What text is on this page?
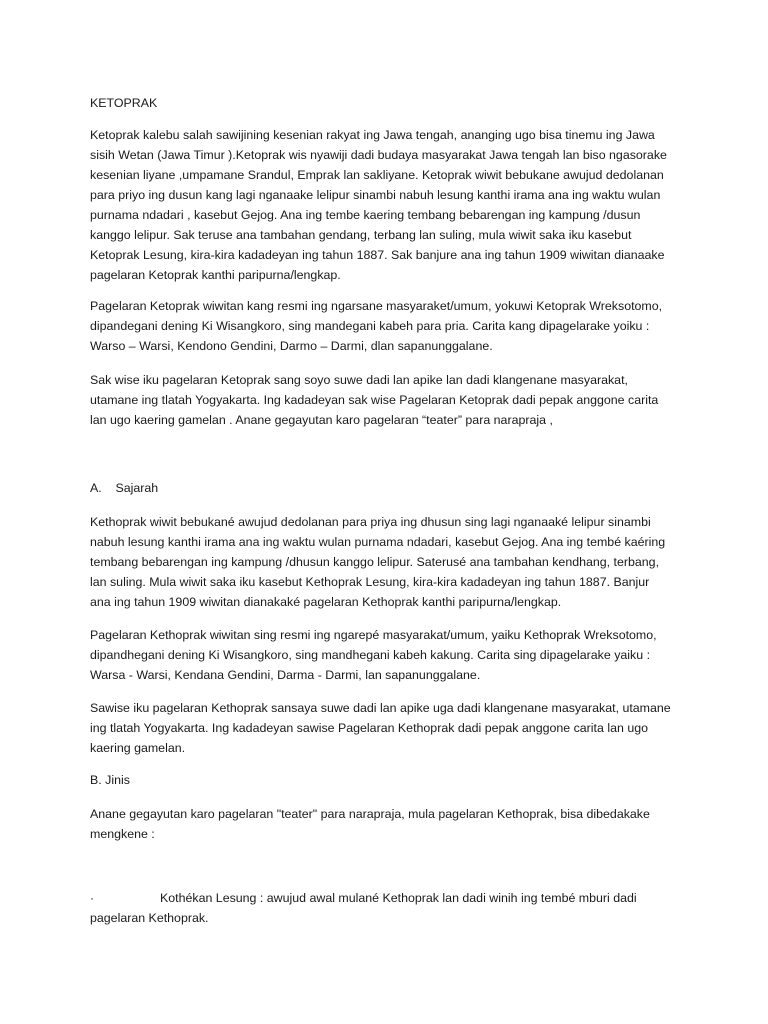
KETOPRAK
Ketoprak kalebu salah sawijining kesenian rakyat ing Jawa tengah, ananging ugo bisa tinemu ing Jawa
sisih Wetan (Jawa Timur ).Ketoprak wis nyawiji dadi budaya masyarakat Jawa tengah lan biso ngasorake
kesenian liyane ,umpamane Srandul, Emprak lan sakliyane. Ketoprak wiwit bebukane awujud dedolanan
para priyo ing dusun kang lagi nganaake lelipur sinambi nabuh lesung kanthi irama ana ing waktu wulan
purnama ndadari , kasebut Gejog. Ana ing tembe kaering tembang bebarengan ing kampung /dusun
kanggo lelipur. Sak teruse ana tambahan gendang, terbang lan suling, mula wiwit saka iku kasebut
Ketoprak Lesung, kira-kira kadadeyan ing tahun 1887. Sak banjure ana ing tahun 1909 wiwitan dianaake
pagelaran Ketoprak kanthi paripurna/lengkap.
Pagelaran Ketoprak wiwitan kang resmi ing ngarsane masyaraket/umum, yokuwi Ketoprak Wreksotomo,
dipandegani dening Ki Wisangkoro, sing mandegani kabeh para pria. Carita kang dipagelarake yoiku :
Warso – Warsi, Kendono Gendini, Darmo – Darmi, dlan sapanunggalane.
Sak wise iku pagelaran Ketoprak sang soyo suwe dadi lan apike lan dadi klangenane masyarakat,
utamane ing tlatah Yogyakarta. Ing kadadeyan sak wise Pagelaran Ketoprak dadi pepak anggone carita
lan ugo kaering gamelan . Anane gegayutan karo pagelaran “teater” para narapraja ,
A.    Sajarah
Kethoprak wiwit bebukané awujud dedolanan para priya ing dhusun sing lagi nganaaké lelipur sinambi
nabuh lesung kanthi irama ana ing waktu wulan purnama ndadari, kasebut Gejog. Ana ing tembé kaéring
tembang bebarengan ing kampung /dhusun kanggo lelipur. Saterusé ana tambahan kendhang, terbang,
lan suling. Mula wiwit saka iku kasebut Kethoprak Lesung, kira-kira kadadeyan ing tahun 1887. Banjur
ana ing tahun 1909 wiwitan dianakaké pagelaran Kethoprak kanthi paripurna/lengkap.
Pagelaran Kethoprak wiwitan sing resmi ing ngarepé masyarakat/umum, yaiku Kethoprak Wreksotomo,
dipandhegani dening Ki Wisangkoro, sing mandhegani kabeh kakung. Carita sing dipagelarake yaiku :
Warsa - Warsi, Kendana Gendini, Darma - Darmi, lan sapanunggalane.
Sawise iku pagelaran Kethoprak sansaya suwe dadi lan apike uga dadi klangenane masyarakat, utamane
ing tlatah Yogyakarta. Ing kadadeyan sawise Pagelaran Kethoprak dadi pepak anggone carita lan ugo
kaering gamelan.
B. Jinis
Anane gegayutan karo pagelaran "teater" para narapraja, mula pagelaran Kethoprak, bisa dibedakake
mengkene :
·	Kothékan Lesung : awujud awal mulané Kethoprak lan dadi winih ing tembé mburi dadi
pagelaran Kethoprak.
